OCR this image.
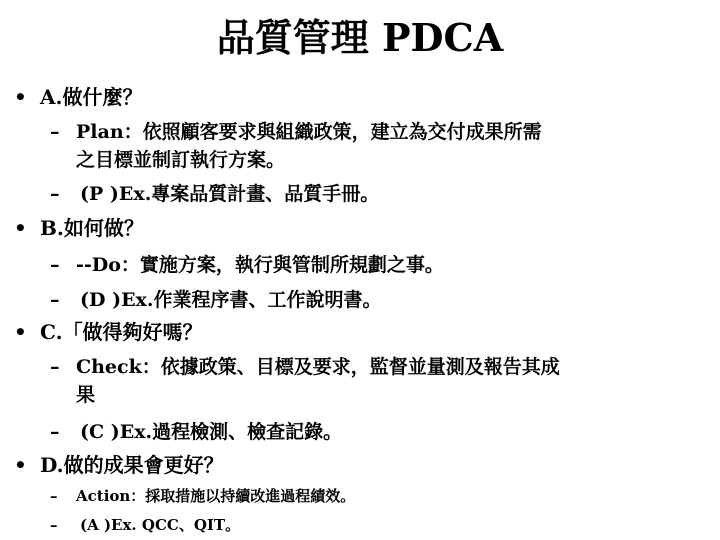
品質管理 PDCA
• A.做什麼？
– Plan：依照顧客要求與組織政策，建立為交付成果所需
之目標並制訂執行方案。
– (P )Ex.專案品質計畫、品質手冊。
• B.如何做？
– --Do：實施方案，執行與管制所規劃之事。
– (D )Ex.作業程序書、工作說明書。
• C.「做得夠好嗎？
– Check：依據政策、目標及要求，監督並量測及報告其成
果
– (C )Ex.過程檢測、檢查記錄。
• D.做的成果會更好？
– Action：採取措施以持續改進過程績效。
– (A )Ex. QCC、QIT。
